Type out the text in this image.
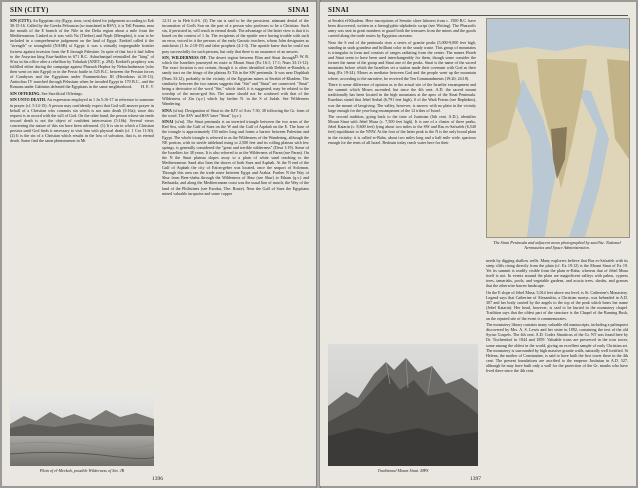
SIN (CITY)	SINAI

SIN (CITY). An Egyptian city (Egyp. sinw, swn) dated for judgement according to Ezk 30:15-16. Called by the Greeks Pelousion (so translated in RSV), it is Tell Farama, near the mouth of the E branch of the Nile in the Delta region about a mile from the Mediterranean. Linked as it was with No (Thebes) and Noph (Memphis), it was to be included in a comprehensive judgement on the land of Egypt. Ezekiel called it the "strength" or stronghold (NASB) of Egypt; it was a virtually impregnable frontier fortress against invasion from the E through Palestine. In spite of that fact it had fallen to the Assyrian king Esar-haddon in 671 B.C. Ashurbanipal reinstalled the "king" of Si'nu in his office after a rebellion by Tirhakah (ANET, p. 294). Ezekiel's prophecy was fulfilled either during the campaign against Pharaoh Hophra by Nebuchadnezzar (who then went on into Egypt) or in the Persic battle in 525 B.C. between the Persian forces of Cambyses and the Egyptians under Psammetichus III (Herodotus iii.10-13). Antiochus IV marched through Pelusium when he invaded Egypt in 170 B.C., and the Romans under Gabinius defeated the Egyptians in the same neighborhood. H. E. V.

SIN OFFERING. See Sacrificial Offerings.

SIN UNTO DEATH. An expression employed in 1 Jn 5:16-17 in reference to someone in prayer (cf. 5:14-15). A person may confidently expect that God will answer prayer in behalf of a Christian who commits sin which is not unto death (5:16a); since this request is in accord with the will of God. On the other hand, the person whose sin tends toward death is not the object of confident intercession (5:16b). Several views concerning the nature of this sin have been advanced. (1) It is sin in which a Christian persists until God finds it necessary to visit him with physical death (cf. 1 Cor 11:30). (2) It is the sin of a Christian which results in the loss of salvation, that is, in eternal death. Some find the same phenomenon in Mt

12:31 or in Heb 6:4-6. (3) The sin is said to be the persistent, adamant denial of the incarnation of God's Son on the part of a person who professes to be a Christian. Such sin, if persisted in, will result in eternal death. The advantage of the latter view is that it is based on the context of 1 Jn. The recipients of the epistle were having trouble with such an error, voiced in it the persons of the early Gnostic teachers, whom John designates as antichrists (1 Jn 2:18-19) and false prophets (4:1-3). The apostle knew that he could not pray successfully for such persons, but only that there is no assurance of an answer.
D. W. B.

SIN, WILDERNESS OF. The desert region between Elim and Sinai through which the Israelites journeyed en route to Mount Sinai (Ex 16:1; 17:1; Num 33:11-12). The exact location is not certain, though it is often identified with Debbet er-Ramleh, a sandy tract on the fringe of the plateau Et Tih in the SW peninsula. It was near Dophkah (Num 33:12), probably in the vicinity of the Egyptian mines at Serabit el-Khadem. The similarity between the two names suggests that "Sin" and "Sinai" are connected. "Sinai" being a derivative of the word "Sin," which itself, it is suggested, may be related to the worship of the moon-god Sin. The name should not be confused with that of the Wilderness of Zin (q.v.) which lay farther N. in the S of Judah. See Wilderness Wandering.

SINA (si'na). Designation of Sinai in the KJV of Acts 7:30, 38 following the Gr. form of the word. The ASV and RSV have "Sinai" (q.v.).

SINAI (si'ni). The Sinai peninsula is an inverted triangle between the two arms of the Red Sea, with the Gulf of Suez on the W and the Gulf of Aqabah on the E. The base of the triangle is approximately 150 miles long and forms a barrier between Palestine and Egypt. The whole triangle is referred to as the Wilderness of the Wandering, although the NE portion, with its sterile tableland rising to 2,500 feet and its rolling plateau with few springs, is generally considered the "great and terrible wilderness" (Deut 1:19). Some of the Israelites for 38 years. It is also referred to as the Wilderness of Paran (see Paran). On the N the Sinai plateau slopes away to a plain of white sand reaching to the Mediterranean. Sand also lines the shores of both Suez and Aqabah. At the N end of the Gulf of Aqabah the city of Ezion-geber was located, once the seaport of Solomon. Through this area ran the trade route between Egypt and Arabia. Farther N the Way of Shur from Beer-sheba through the Wilderness of Shur (see Shur) to Etham (q.v.) and Bethsaida, and along the Mediterranean coast was the usual line of march, the Way of the land of the Philistines (see Exodus, The: Route). Near the Gulf of Suez the Egyptians mined valuable turquoise and some copper

Plain of el-Merkah, possible Wilderness of Sin. JR
1396
SINAI

at Serabit el-Khadem. Here inscriptions of Semitic slave laborers from c. 1500 B.C. have been discovered, written in a hieroglyphic-alphabetic script (see Writing). The Pharaoh's army was sent in great numbers to guard both the treasures from the mines and the goods carried along the trade routes by Egyptian caravans.

Near the S end of the peninsula rises a series of granite peaks (5,000-9,000 feet high, standing in stark grandeur and brilliant color in the sandy waste. This group of mountains is triangular in form and consists of ranges radiating from the center. The names Horeb and Sinai seem to have been used interchangeably for them, though some consider the former the name of the group and Sinai one of the peaks. Sinai is the name of the sacred mountain before which the Israelites set a station made their covenant with God as their king (Ex 19-24). Moses as mediator between God and the people went up the mountain where, according to the narrative, he received the Ten Commandments (19:20; 24:18).

There is some difference of opinion as to the actual site of the Israelite encampment and the summit which Moses ascended, but since the 4th cent. A.D. the sacred mount traditionally has been located in the high mountains at the apex of the Sinai Peninsula. Eusebius stated that Jebel Serbal (6,791 feet high), S of the Wadi Feiran (see Rephidim), was the mount of lawgiving. The valley, however, is narrow with no plain in the vicinity large enough for the year-long encampment of the 12 tribes of Israel.

The second tradition, going back to the time of Justinian (6th cent. A.D.), identifies Mount Sinai with Jebel Musa (c. 7,500 feet high). It is one of a cluster of three peaks, Jebel Katarin (c. 8,600 feet) lying about two miles to the SW and Ras es-Safsafeh (6,540 feet) equidistant to the NNW. At the foot of the latter peak to the N is the only broad plain in the vicinity; it is called er-Raha, about two miles long and a half mile wide, spacious enough for the tents of all Israel. Bedouin today reach water here for their

The Sinai Peninsula and adjacent areas photographed by satellite. National Aeronautics and Space Administration.

needs by digging shallow wells. Many explorers believe that Ras es-Safsafeh with its steep cliffs rising directly from the plain (cf. Ex 19:12) is the Mount Sinai of Ex 19. Yet its summit is readily visible from the plain er-Raha, whereas that of Jebel Musa itself is not. In events around the plain are magnificent valleys with palms, cypress trees, tamarisks, pools, and vegetable gardens, and acacia trees, shrubs, and grasses that the otherwise barren landscape.

On the E slope of Jebel Musa, 5,014 feet above sea level, is St. Catherine's Monastery. Legend says that Catherine of Alexandria, a Christian martyr, was beheaded in A.D. 307 and her body carried by the angels to the top of the peak which bears her name (Jebel Katarin). Her head, however, is said to be buried in the monastery chapel. Tradition says that the oldest part of the structure is the Chapel of the Burning Bush, on the reputed site of the event it commemorates.

The monastery library contains many valuable old manuscripts, including a palimpsest discovered by Mrs. A. S. Lewis and her sister in 1892, containing the text of the old Syriac Gospels. The 4th cent. A.D. Codex Sinaiticus of the Gr. NT was found here by Dr. Tischendorf in 1844 and 1859. Valuable icons are preserved in the icon tower, some among the oldest in the world, giving an excellent sample of early Christian art. The monastery is surrounded by high massive granite walls, naturally well fortified. St Helena, the mother of Constantine, is said to have built the first tower there in the 4th cent. The present foundations are ascribed to the emperor Justinian in A.D. 527, although he may have built only a wall for the protection of the Gr. monks who have lived there since the 4th cent.

Traditional Mount Sinai. MPS
1397
